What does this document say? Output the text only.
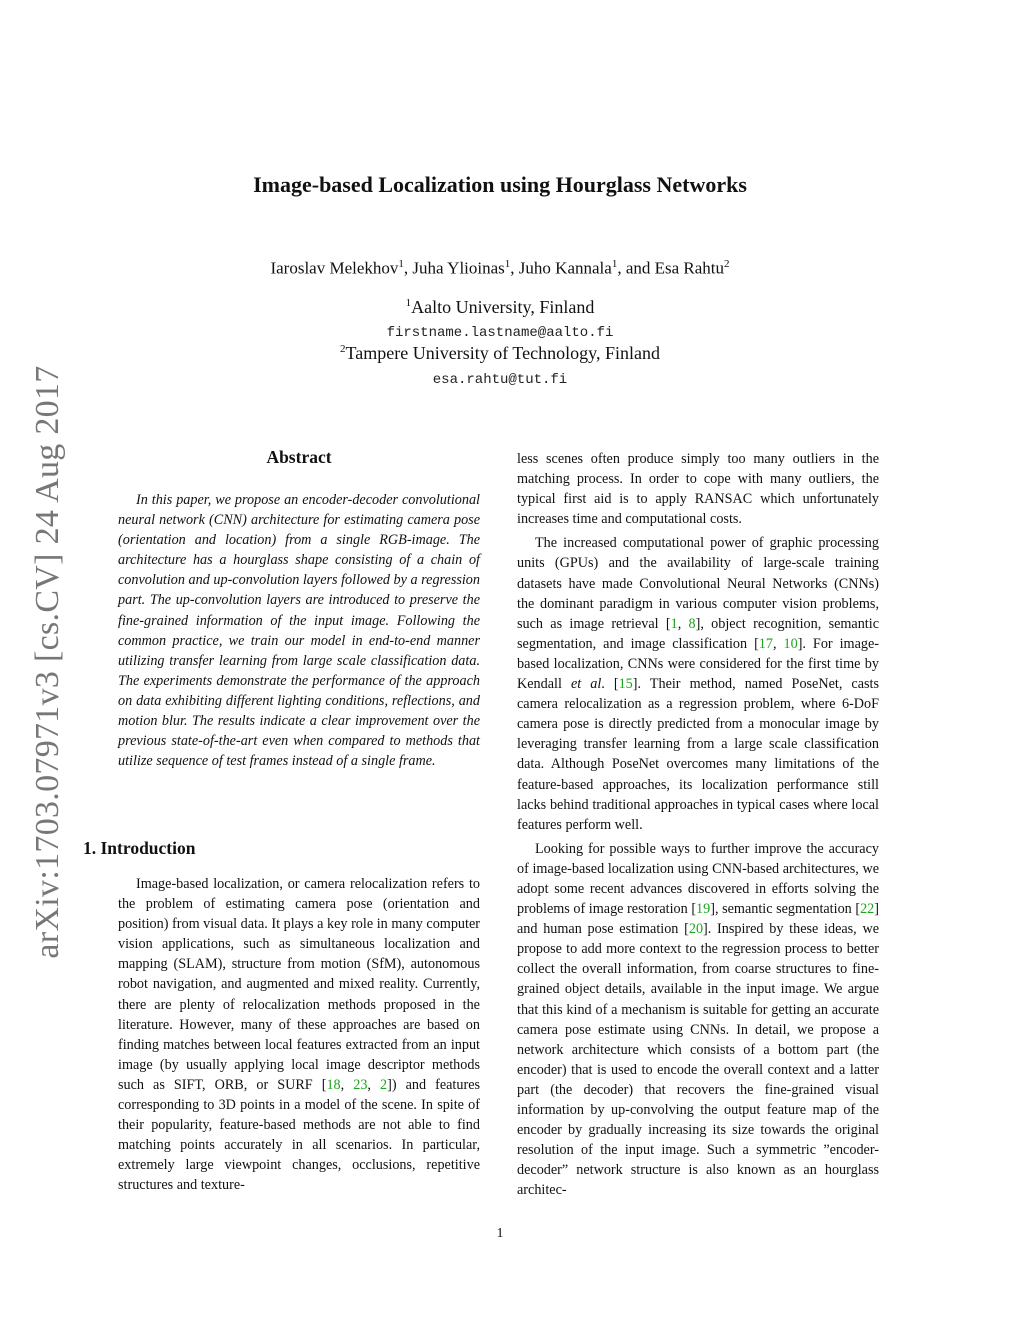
arXiv:1703.07971v3 [cs.CV] 24 Aug 2017
Image-based Localization using Hourglass Networks
Iaroslav Melekhov$^1$, Juha Ylioinas$^1$, Juho Kannala$^1$, and Esa Rahtu$^2$
$^1$Aalto University, Finland
firstname.lastname@aalto.fi
$^2$Tampere University of Technology, Finland
esa.rahtu@tut.fi
Abstract

In this paper, we propose an encoder-decoder convolutional neural network (CNN) architecture for estimating camera pose (orientation and location) from a single RGB-image. The architecture has a hourglass shape consisting of a chain of convolution and up-convolution layers followed by a regression part. The up-convolution layers are introduced to preserve the fine-grained information of the input image. Following the common practice, we train our model in end-to-end manner utilizing transfer learning from large scale classification data. The experiments demonstrate the performance of the approach on data exhibiting different lighting conditions, reflections, and motion blur. The results indicate a clear improvement over the previous state-of-the-art even when compared to methods that utilize sequence of test frames instead of a single frame.

1. Introduction

Image-based localization, or camera relocalization refers to the problem of estimating camera pose (orientation and position) from visual data. It plays a key role in many computer vision applications, such as simultaneous localization and mapping (SLAM), structure from motion (SfM), autonomous robot navigation, and augmented and mixed reality. Currently, there are plenty of relocalization methods proposed in the literature. However, many of these approaches are based on finding matches between local features extracted from an input image (by usually applying local image descriptor methods such as SIFT, ORB, or SURF [18, 23, 2]) and features corresponding to 3D points in a model of the scene. In spite of their popularity, feature-based methods are not able to find matching points accurately in all scenarios. In particular, extremely large viewpoint changes, occlusions, repetitive structures and texture-

less scenes often produce simply too many outliers in the matching process. In order to cope with many outliers, the typical first aid is to apply RANSAC which unfortunately increases time and computational costs.

The increased computational power of graphic processing units (GPUs) and the availability of large-scale training datasets have made Convolutional Neural Networks (CNNs) the dominant paradigm in various computer vision problems, such as image retrieval [1, 8], object recognition, semantic segmentation, and image classification [17, 10]. For image-based localization, CNNs were considered for the first time by Kendall et al. [15]. Their method, named PoseNet, casts camera relocalization as a regression problem, where 6-DoF camera pose is directly predicted from a monocular image by leveraging transfer learning from a large scale classification data. Although PoseNet overcomes many limitations of the feature-based approaches, its localization performance still lacks behind traditional approaches in typical cases where local features perform well.

Looking for possible ways to further improve the accuracy of image-based localization using CNN-based architectures, we adopt some recent advances discovered in efforts solving the problems of image restoration [19], semantic segmentation [22] and human pose estimation [20]. Inspired by these ideas, we propose to add more context to the regression process to better collect the overall information, from coarse structures to fine-grained object details, available in the input image. We argue that this kind of a mechanism is suitable for getting an accurate camera pose estimate using CNNs. In detail, we propose a network architecture which consists of a bottom part (the encoder) that is used to encode the overall context and a latter part (the decoder) that recovers the fine-grained visual information by up-convolving the output feature map of the encoder by gradually increasing its size towards the original resolution of the input image. Such a symmetric ”encoder-decoder” network structure is also known as an hourglass architec-

1
